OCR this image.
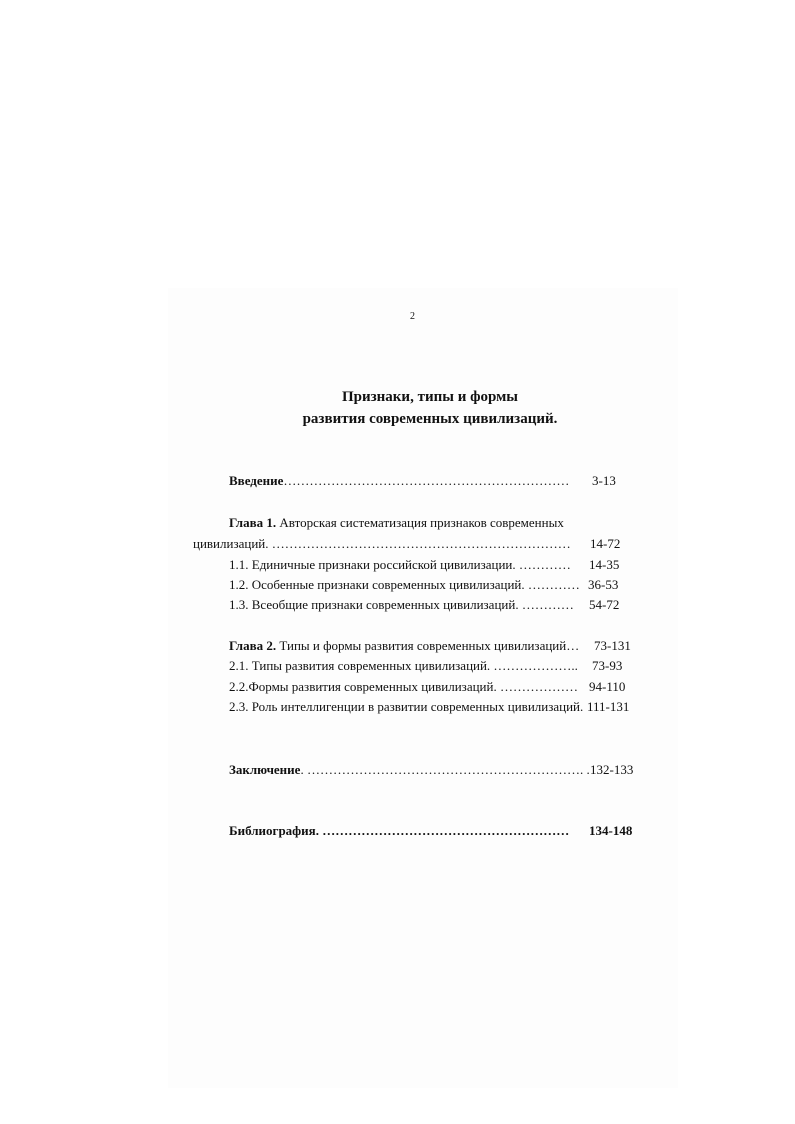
2
Признаки, типы и формы
развития современных цивилизаций.
Введение………………………………………………………… 3-13
Глава 1. Авторская систематизация признаков современных
цивилизаций. …………………………………………………………… 14-72
1.1. Единичные признаки российской цивилизации. ………… 14-35
1.2. Особенные признаки современных цивилизаций. ………… 36-53
1.3. Всеобщие признаки современных цивилизаций. ………… 54-72
Глава 2. Типы и формы развития современных цивилизаций… 73-131
2.1. Типы развития современных цивилизаций. ……………….. 73-93
2.2.Формы развития современных цивилизаций. ……………… 94-110
2.3. Роль интеллигенции в развитии современных цивилизаций. 111-131
Заключение. ………………………………………………………. . 132-133
Библиография. ………………………………………………… 134-148
